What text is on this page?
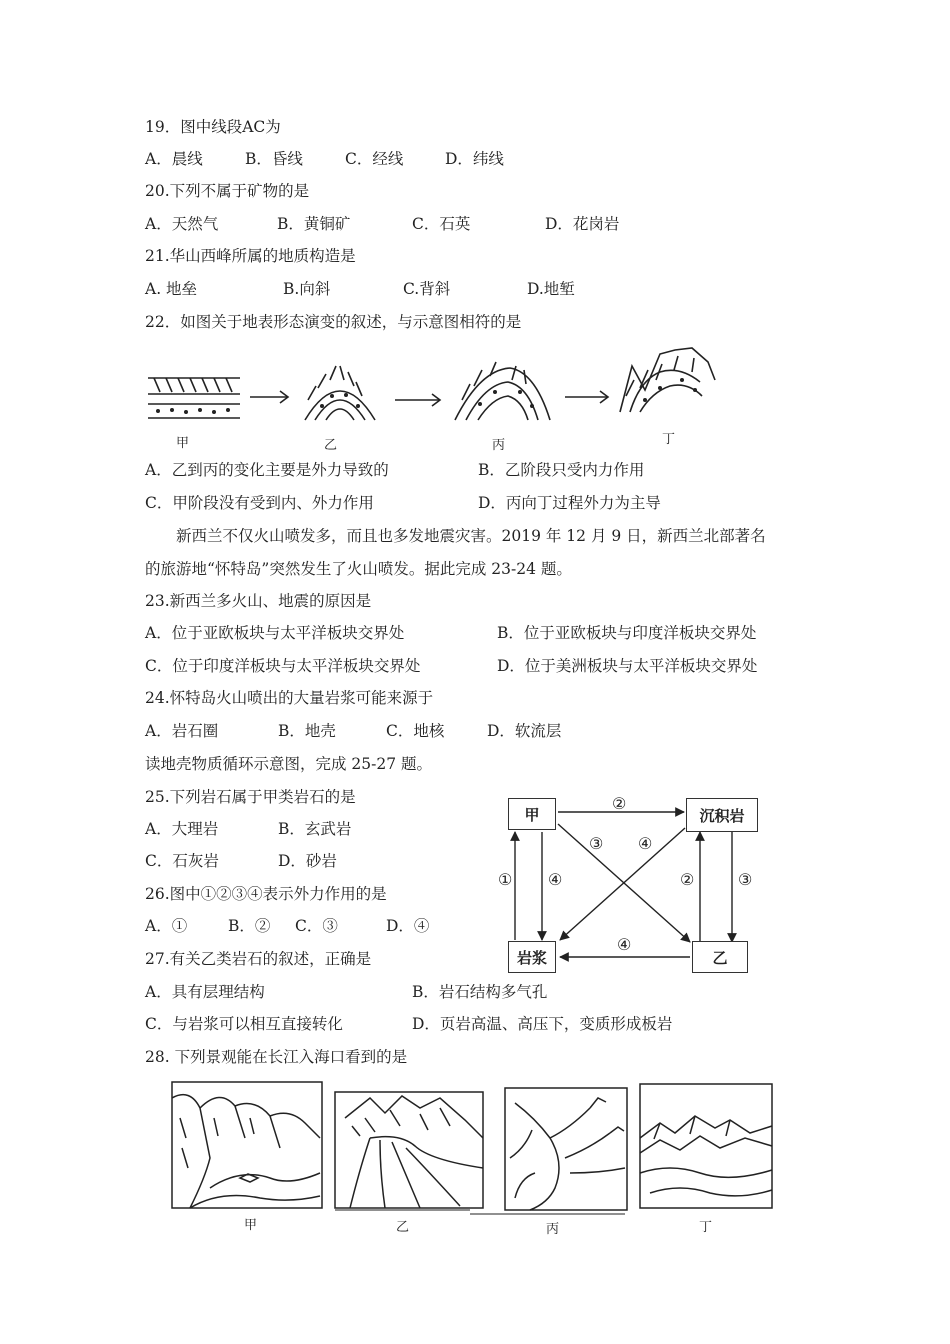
19．图中线段AC为
A．晨线	B．昏线	C．经线	D．纬线
20.下列不属于矿物的是
A．天然气	B．黄铜矿	C．石英	D．花岗岩
21.华山西峰所属的地质构造是
A. 地垒	B.向斜	C.背斜	D.地堑
22．如图关于地表形态演变的叙述，与示意图相符的是
甲	乙	丙	丁
A．乙到丙的变化主要是外力导致的	B．乙阶段只受内力作用
C．甲阶段没有受到内、外力作用	D．丙向丁过程外力为主导
新西兰不仅火山喷发多，而且也多发地震灾害。2019 年 12 月 9 日，新西兰北部著名
的旅游地“怀特岛”突然发生了火山喷发。据此完成 23-24 题。
23.新西兰多火山、地震的原因是
A．位于亚欧板块与太平洋板块交界处	B．位于亚欧板块与印度洋板块交界处
C．位于印度洋板块与太平洋板块交界处	D．位于美洲板块与太平洋板块交界处
24.怀特岛火山喷出的大量岩浆可能来源于
A．岩石圈	B．地壳	C．地核	D．软流层
读地壳物质循环示意图，完成 25-27 题。
25.下列岩石属于甲类岩石的是
A．大理岩	B．玄武岩
C．石灰岩	D．砂岩
26.图中①②③④表示外力作用的是
A．①	B．② C．③	D．④
甲	沉积岩
岩浆	乙
②
③ ④
① ④	②	③
④
27.有关乙类岩石的叙述，正确是
A．具有层理结构	B．岩石结构多气孔
C．与岩浆可以相互直接转化	D．页岩高温、高压下，变质形成板岩
28. 下列景观能在长江入海口看到的是
甲	乙	丙	丁
